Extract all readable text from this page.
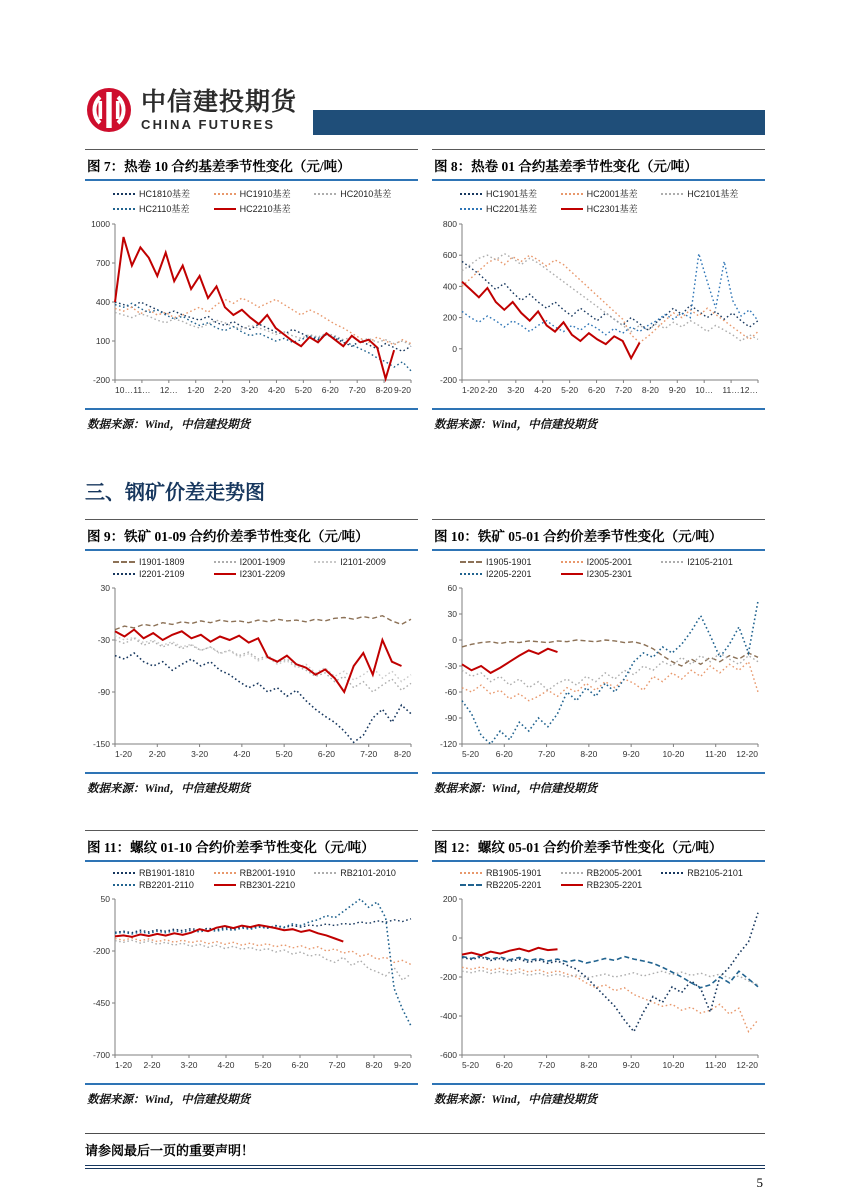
中信建投期货
CHINA FUTURES
图 7：热卷 10 合约基差季节性变化（元/吨）
HC1810基差	HC1910基差	HC2010基差
HC2110基差	HC2210基差
1000
700
400
100
-200
10… 11… 12… 1-20 2-20 3-20 4-20 5-20 6-20 7-20 8-20 9-20
数据来源：Wind，中信建投期货
图 8：热卷 01 合约基差季节性变化（元/吨）
HC1901基差	HC2001基差	HC2101基差
HC2201基差	HC2301基差
800
600
400
200
0
-200
1-20 2-20 3-20 4-20 5-20 6-20 7-20 8-20 9-20 10… 11… 12…
数据来源：Wind，中信建投期货
三、钢矿价差走势图
图 9：铁矿 01-09 合约价差季节性变化（元/吨）
I1901-1809	I2001-1909	I2101-2009
I2201-2109	I2301-2209
30
-30
-90
-150
1-20 2-20	3-20	4-20	5-20	6-20	7-20 8-20
数据来源：Wind，中信建投期货
图 10：铁矿 05-01 合约价差季节性变化（元/吨）
I1905-1901	I2005-2001	I2105-2101
I2205-2201	I2305-2301
60
30
0
-30
-60
-90
-120
5-20 6-20	7-20	8-20	9-20	10-20 11-20 12-20
数据来源：Wind，中信建投期货
图 11：螺纹 01-10 合约价差季节性变化（元/吨）
RB1901-1810	RB2001-1910	RB2101-2010
RB2201-2110	RB2301-2210
50
-200
-450
-700
1-20 2-20 3-20 4-20 5-20 6-20 7-20 8-20 9-20
数据来源：Wind，中信建投期货
图 12：螺纹 05-01 合约价差季节性变化（元/吨）
RB1905-1901	RB2005-2001	RB2105-2101
RB2205-2201	RB2305-2201
200
0
-200
-400
-600
5-20 6-20	7-20	8-20	9-20	10-20 11-20 12-20
数据来源：Wind，中信建投期货
请参阅最后一页的重要声明！
5
